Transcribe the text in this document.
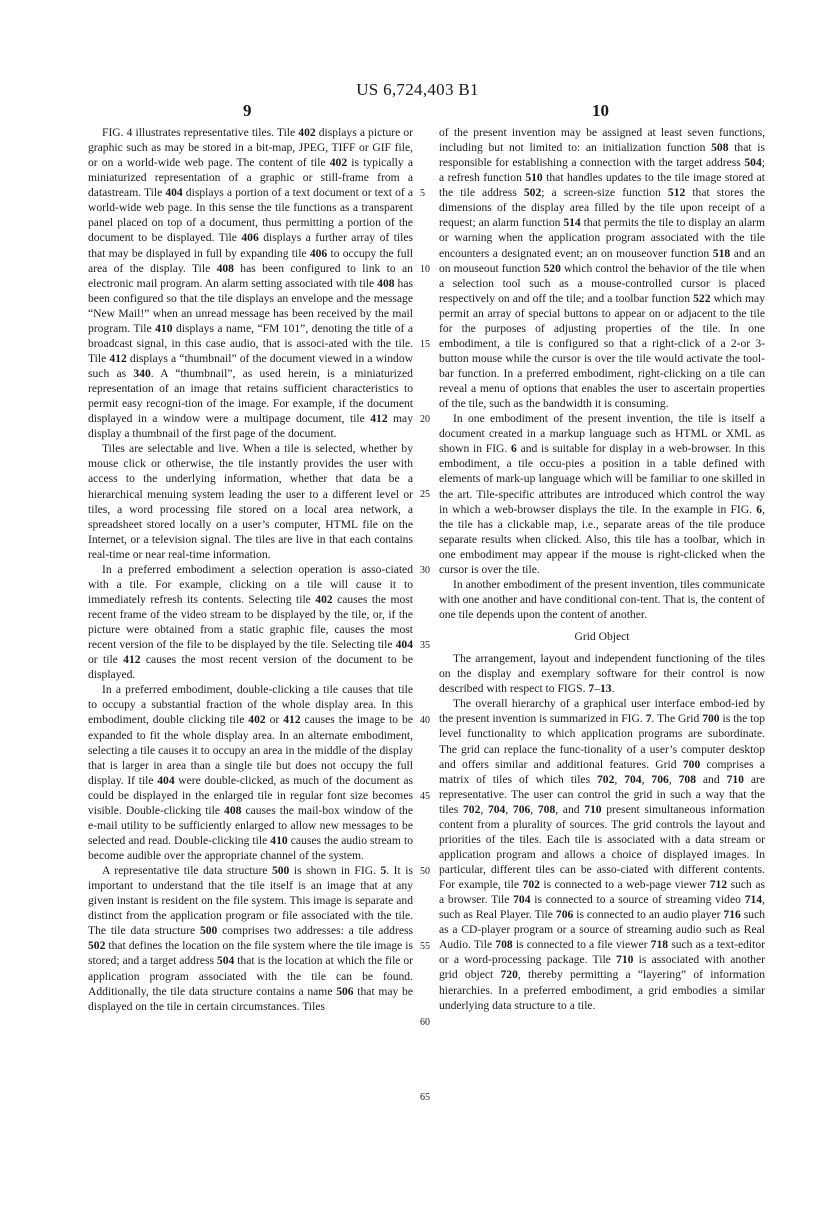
US 6,724,403 B1
9	10
5
10
15
20
25
30
35
40
45
50
55
60
65

FIG. 4 illustrates representative tiles. Tile 402 displays a picture or graphic such as may be stored in a bit-map, JPEG, TIFF or GIF file, or on a world-wide web page. The content of tile 402 is typically a miniaturized representation of a graphic or still-frame from a datastream. Tile 404 displays a portion of a text document or text of a world-wide web page. In this sense the tile functions as a transparent panel placed on top of a document, thus permitting a portion of the document to be displayed. Tile 406 displays a further array of tiles that may be displayed in full by expanding tile 406 to occupy the full area of the display. Tile 408 has been configured to link to an electronic mail program. An alarm setting associated with tile 408 has been configured so that the tile displays an envelope and the message “New Mail!” when an unread message has been received by the mail program. Tile 410 displays a name, “FM 101”, denoting the title of a broadcast signal, in this case audio, that is associ-ated with the tile. Tile 412 displays a “thumbnail” of the document viewed in a window such as 340. A “thumbnail”, as used herein, is a miniaturized representation of an image that retains sufficient characteristics to permit easy recogni-tion of the image. For example, if the document displayed in a window were a multipage document, tile 412 may display a thumbnail of the first page of the document.

Tiles are selectable and live. When a tile is selected, whether by mouse click or otherwise, the tile instantly provides the user with access to the underlying information, whether that data be a hierarchical menuing system leading the user to a different level or tiles, a word processing file stored on a local area network, a spreadsheet stored locally on a user’s computer, HTML file on the Internet, or a television signal. The tiles are live in that each contains real-time or near real-time information.

In a preferred embodiment a selection operation is asso-ciated with a tile. For example, clicking on a tile will cause it to immediately refresh its contents. Selecting tile 402 causes the most recent frame of the video stream to be displayed by the tile, or, if the picture were obtained from a static graphic file, causes the most recent version of the file to be displayed by the tile. Selecting tile 404 or tile 412 causes the most recent version of the document to be displayed.

In a preferred embodiment, double-clicking a tile causes that tile to occupy a substantial fraction of the whole display area. In this embodiment, double clicking tile 402 or 412 causes the image to be expanded to fit the whole display area. In an alternate embodiment, selecting a tile causes it to occupy an area in the middle of the display that is larger in area than a single tile but does not occupy the full display. If tile 404 were double-clicked, as much of the document as could be displayed in the enlarged tile in regular font size becomes visible. Double-clicking tile 408 causes the mail-box window of the e-mail utility to be sufficiently enlarged to allow new messages to be selected and read. Double-clicking tile 410 causes the audio stream to become audible over the appropriate channel of the system.

A representative tile data structure 500 is shown in FIG. 5. It is important to understand that the tile itself is an image that at any given instant is resident on the file system. This image is separate and distinct from the application program or file associated with the tile. The tile data structure 500 comprises two addresses: a tile address 502 that defines the location on the file system where the tile image is stored; and a target address 504 that is the location at which the file or application program associated with the tile can be found. Additionally, the tile data structure contains a name 506 that may be displayed on the tile in certain circumstances. Tiles

of the present invention may be assigned at least seven functions, including but not limited to: an initialization function 508 that is responsible for establishing a connection with the target address 504; a refresh function 510 that handles updates to the tile image stored at the tile address 502; a screen-size function 512 that stores the dimensions of the display area filled by the tile upon receipt of a request; an alarm function 514 that permits the tile to display an alarm or warning when the application program associated with the tile encounters a designated event; an on mouseover function 518 and an on mouseout function 520 which control the behavior of the tile when a selection tool such as a mouse-controlled cursor is placed respectively on and off the tile; and a toolbar function 522 which may permit an array of special buttons to appear on or adjacent to the tile for the purposes of adjusting properties of the tile. In one embodiment, a tile is configured so that a right-click of a 2-or 3-button mouse while the cursor is over the tile would activate the tool-bar function. In a preferred embodiment, right-clicking on a tile can reveal a menu of options that enables the user to ascertain properties of the tile, such as the bandwidth it is consuming.

In one embodiment of the present invention, the tile is itself a document created in a markup language such as HTML or XML as shown in FIG. 6 and is suitable for display in a web-browser. In this embodiment, a tile occu-pies a position in a table defined with elements of mark-up language which will be familiar to one skilled in the art. Tile-specific attributes are introduced which control the way in which a web-browser displays the tile. In the example in FIG. 6, the tile has a clickable map, i.e., separate areas of the tile produce separate results when clicked. Also, this tile has a toolbar, which in one embodiment may appear if the mouse is right-clicked when the cursor is over the tile.

In another embodiment of the present invention, tiles communicate with one another and have conditional con-tent. That is, the content of one tile depends upon the content of another.

Grid Object

The arrangement, layout and independent functioning of the tiles on the display and exemplary software for their control is now described with respect to FIGS. 7–13.

The overall hierarchy of a graphical user interface embod-ied by the present invention is summarized in FIG. 7. The Grid 700 is the top level functionality to which application programs are subordinate. The grid can replace the func-tionality of a user’s computer desktop and offers similar and additional features. Grid 700 comprises a matrix of tiles of which tiles 702, 704, 706, 708 and 710 are representative. The user can control the grid in such a way that the tiles 702, 704, 706, 708, and 710 present simultaneous information content from a plurality of sources. The grid controls the layout and priorities of the tiles. Each tile is associated with a data stream or application program and allows a choice of displayed images. In particular, different tiles can be asso-ciated with different contents. For example, tile 702 is connected to a web-page viewer 712 such as a browser. Tile 704 is connected to a source of streaming video 714, such as Real Player. Tile 706 is connected to an audio player 716 such as a CD-player program or a source of streaming audio such as Real Audio. Tile 708 is connected to a file viewer 718 such as a text-editor or a word-processing package. Tile 710 is associated with another grid object 720, thereby permitting a “layering” of information hierarchies. In a preferred embodiment, a grid embodies a similar underlying data structure to a tile.
